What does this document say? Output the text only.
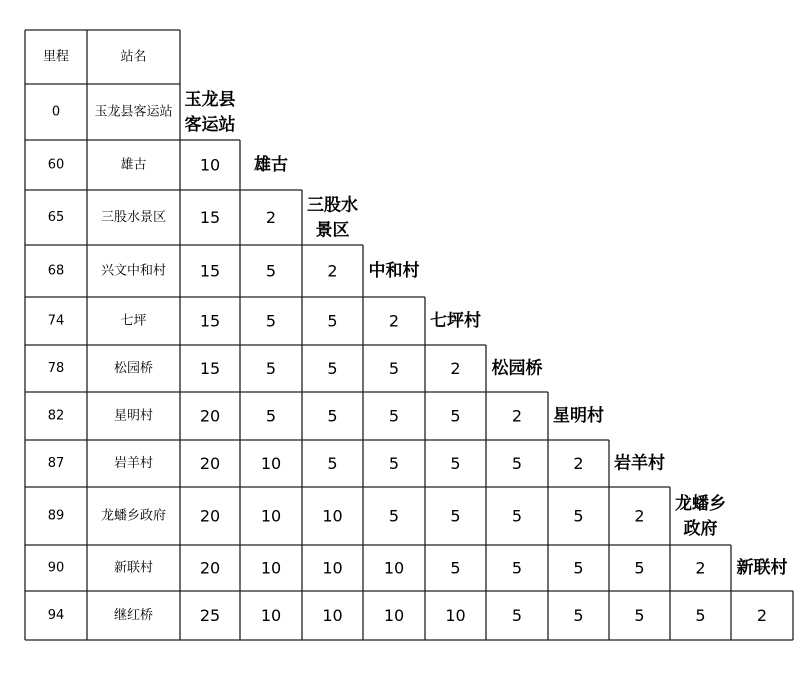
里程	站名
0	玉龙县客运站
玉龙县
客运站
60	雄古	10 雄古
65	三股水景区 15	2
三股水
景区
68	兴文中和村 15	5	2 中和村
74	七坪	15	5	5	2 七坪村
78	松园桥	15	5	5	5	2 松园桥
82	星明村	20	5	5	5	5	2 星明村
87	岩羊村	20	10	5	5	5	5	2 岩羊村
89	龙蟠乡政府 20	10	10	5	5	5	5	2
龙蟠乡
政府
90	新联村	20	10	10	10	5	5	5	5	2 新联村
94	继红桥	25	10	10	10	10	5	5	5	5	2
